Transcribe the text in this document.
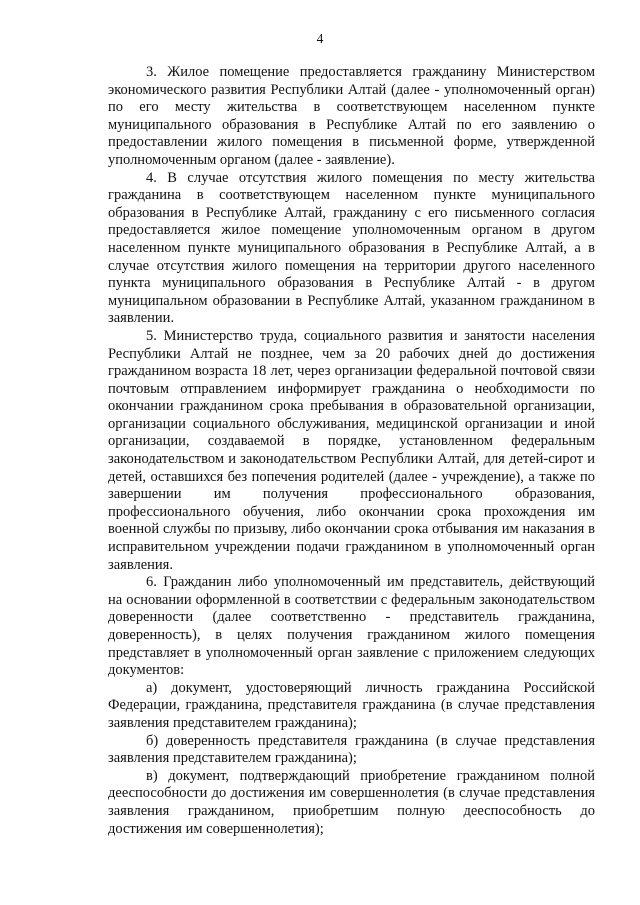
4

3. Жилое помещение предоставляется гражданину Министерством экономического развития Республики Алтай (далее - уполномоченный орган) по его месту жительства в соответствующем населенном пункте муниципального образования в Республике Алтай по его заявлению о предоставлении жилого помещения в письменной форме, утвержденной уполномоченным органом (далее - заявление).

4. В случае отсутствия жилого помещения по месту жительства гражданина в соответствующем населенном пункте муниципального образования в Республике Алтай, гражданину с его письменного согласия предоставляется жилое помещение уполномоченным органом в другом населенном пункте муниципального образования в Республике Алтай, а в случае отсутствия жилого помещения на территории другого населенного пункта муниципального образования в Республике Алтай - в другом муниципальном образовании в Республике Алтай, указанном гражданином в заявлении.

5. Министерство труда, социального развития и занятости населения Республики Алтай не позднее, чем за 20 рабочих дней до достижения гражданином возраста 18 лет, через организации федеральной почтовой связи почтовым отправлением информирует гражданина о необходимости по окончании гражданином срока пребывания в образовательной организации, организации социального обслуживания, медицинской организации и иной организации, создаваемой в порядке, установленном федеральным законодательством и законодательством Республики Алтай, для детей-сирот и детей, оставшихся без попечения родителей (далее - учреждение), а также по завершении им получения профессионального образования, профессионального обучения, либо окончании срока прохождения им военной службы по призыву, либо окончании срока отбывания им наказания в исправительном учреждении подачи гражданином в уполномоченный орган заявления.

6. Гражданин либо уполномоченный им представитель, действующий на основании оформленной в соответствии с федеральным законодательством доверенности (далее соответственно - представитель гражданина, доверенность), в целях получения гражданином жилого помещения представляет в уполномоченный орган заявление с приложением следующих документов:

а) документ, удостоверяющий личность гражданина Российской Федерации, гражданина, представителя гражданина (в случае представления заявления представителем гражданина);

б) доверенность представителя гражданина (в случае представления заявления представителем гражданина);

в) документ, подтверждающий приобретение гражданином полной дееспособности до достижения им совершеннолетия (в случае представления заявления гражданином, приобретшим полную дееспособность до достижения им совершеннолетия);
